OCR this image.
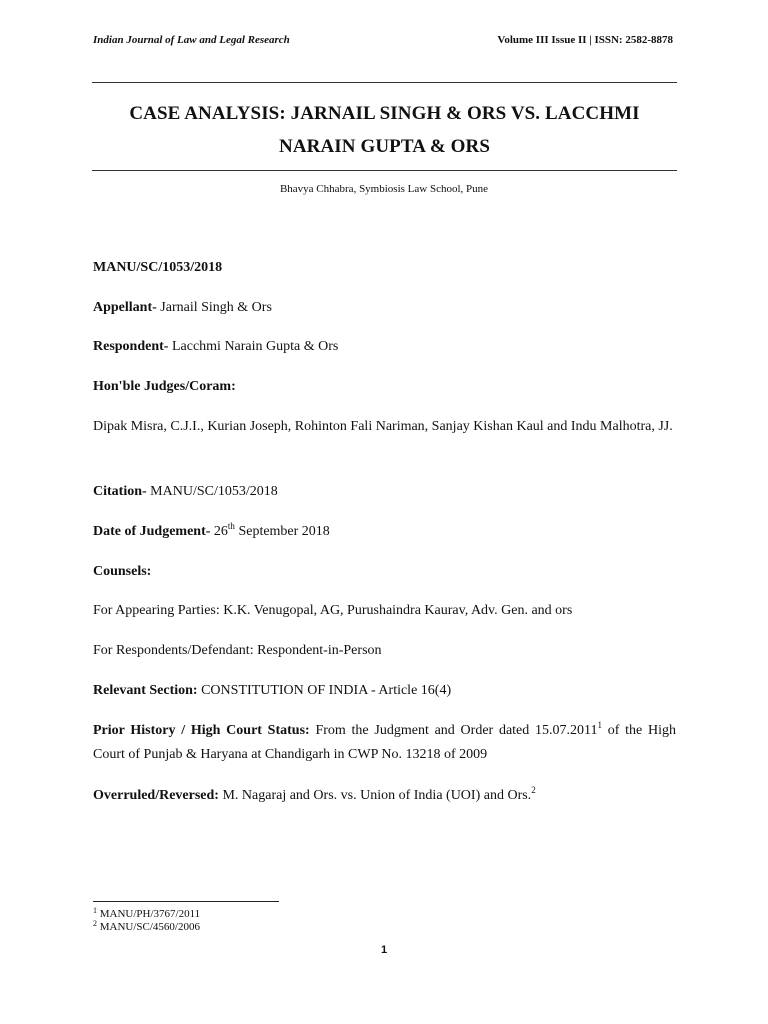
Indian Journal of Law and Legal Research	Volume III Issue II | ISSN: 2582-8878
CASE ANALYSIS: JARNAIL SINGH & ORS VS. LACCHMI
NARAIN GUPTA & ORS
Bhavya Chhabra, Symbiosis Law School, Pune
MANU/SC/1053/2018
Appellant- Jarnail Singh & Ors
Respondent- Lacchmi Narain Gupta & Ors
Hon'ble Judges/Coram:
Dipak Misra, C.J.I., Kurian Joseph, Rohinton Fali Nariman, Sanjay Kishan Kaul and Indu Malhotra, JJ.
Citation- MANU/SC/1053/2018
Date of Judgement- 26th September 2018
Counsels:
For Appearing Parties: K.K. Venugopal, AG, Purushaindra Kaurav, Adv. Gen. and ors
For Respondents/Defendant: Respondent-in-Person
Relevant Section: CONSTITUTION OF INDIA - Article 16(4)
Prior History / High Court Status: From the Judgment and Order dated 15.07.2011$^1$ of the High Court of Punjab & Haryana at Chandigarh in CWP No. 13218 of 2009
Overruled/Reversed: M. Nagaraj and Ors. vs. Union of India (UOI) and Ors.$^2$
$^1$ MANU/PH/3767/2011
$^2$ MANU/SC/4560/2006
1
